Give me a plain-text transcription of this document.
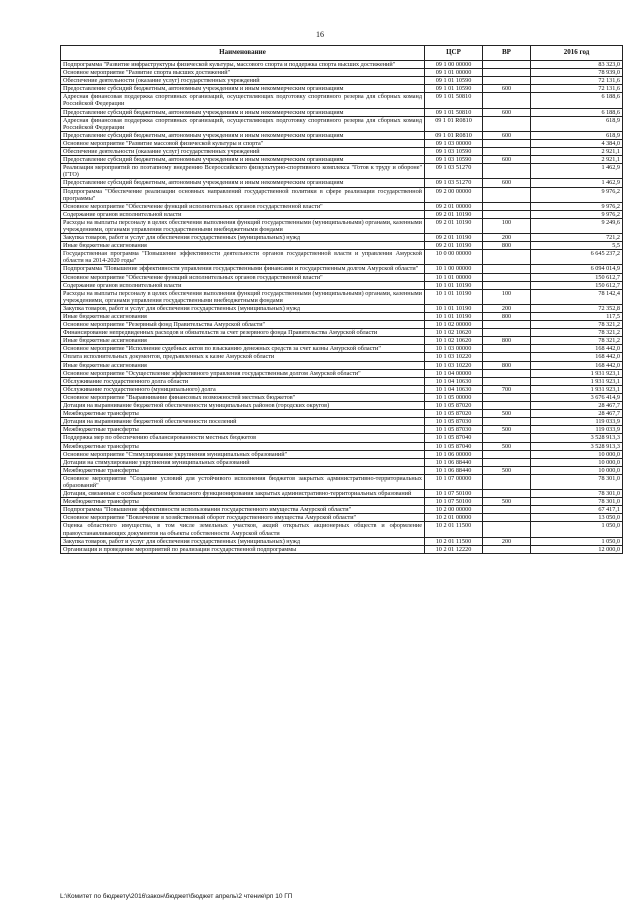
16
Наименование	ЦСР	ВР	2016 год
Подпрограмма "Развитие инфраструктуры физической культуры, массового спорта и поддержка спорта высших достижений"	09 1 00 00000		83 323,0
Основное мероприятие "Развитие спорта высших достижений"	09 1 01 00000		78 939,0
Обеспечение деятельности (оказание услуг) государственных учреждений	09 1 01 10590		72 131,6
Предоставление субсидий бюджетным, автономным учреждениям и иным некоммерческим организациям	09 1 01 10590	600	72 131,6
Адресная финансовая поддержка спортивных организаций, осуществляющих подготовку спортивного резерва для сборных команд Российской Федерации	09 1 01 50810		6 188,6
Предоставление субсидий бюджетным, автономным учреждениям и иным некоммерческим организациям	09 1 01 50810	600	6 188,6
Адресная финансовая поддержка спортивных организаций, осуществляющих подготовку спортивного резерва для сборных команд Российской Федерации	09 1 01 R0810		618,9
Предоставление субсидий бюджетным, автономным учреждениям и иным некоммерческим организациям	09 1 01 R0810	600	618,9
Основное мероприятие "Развитие массовой физической культуры и спорта"	09 1 03 00000		4 384,0
Обеспечение деятельности (оказание услуг) государственных учреждений	09 1 03 10590		2 921,1
Предоставление субсидий бюджетным, автономным учреждениям и иным некоммерческим организациям	09 1 03 10590	600	2 921,1
Реализация мероприятий по поэтапному внедрению Всероссийского физкультурно-спортивного комплекса "Готов к труду и обороне" (ГТО)	09 1 03 51270		1 462,9
Предоставление субсидий бюджетным, автономным учреждениям и иным некоммерческим организациям	09 1 03 51270	600	1 462,9
Подпрограмма "Обеспечение реализации основных направлений государственной политики в сфере реализации государственной программы"	09 2 00 00000		9 976,2
Основное мероприятие "Обеспечение функций исполнительных органов государственной власти"	09 2 01 00000		9 976,2
Содержание органов исполнительной власти	09 2 01 10190		9 976,2
Расходы на выплаты персоналу в целях обеспечения выполнения функций государственными (муниципальными) органами, казенными учреждениями, органами управления государственными внебюджетными фондами	09 2 01 10190	100	9 249,6
Закупка товаров, работ и услуг для обеспечения государственных (муниципальных) нужд	09 2 01 10190	200	721,2
Иные бюджетные ассигнования	09 2 01 10190	800	5,5
Государственная программа "Повышение эффективности деятельности органов государственной власти и управления Амурской области на 2014-2020 годы"	10 0 00 00000		6 645 237,2
Подпрограмма "Повышение эффективности управления государственными финансами и государственным долгом Амурской области"	10 1 00 00000		6 094 014,9
Основное мероприятие "Обеспечение функций исполнительных органов государственной власти"	10 1 01 00000		150 612,7
Содержание органов исполнительной власти	10 1 01 10190		150 612,7
Расходы на выплаты персоналу в целях обеспечения выполнения функций государственными (муниципальными) органами, казенными учреждениями, органами управления государственными внебюджетными фондами	10 1 01 10190	100	78 142,4
Закупка товаров, работ и услуг для обеспечения государственных (муниципальных) нужд	10 1 01 10190	200	72 352,8
Иные бюджетные ассигнования	10 1 01 10190	800	117,5
Основное мероприятие "Резервный фонд Правительства Амурской области"	10 1 02 00000		78 321,2
Финансирование непредвиденных расходов и обязательств за счет резервного фонда Правительства Амурской области	10 1 02 10620		78 321,2
Иные бюджетные ассигнования	10 1 02 10620	800	78 321,2
Основное мероприятие "Исполнение судебных актов по взысканию денежных средств за счет казны Амурской области"	10 1 03 00000		168 442,0
Оплата исполнительных документов, предъявленных к казне Амурской области	10 1 03 10220		168 442,0
Иные бюджетные ассигнования	10 1 03 10220	800	168 442,0
Основное мероприятие "Осуществление эффективного управления государственным долгом Амурской области"	10 1 04 00000		1 931 923,1
Обслуживание государственного долга области	10 1 04 10630		1 931 923,1
Обслуживание государственного (муниципального) долга	10 1 04 10630	700	1 931 923,1
Основное мероприятие "Выравнивание финансовых возможностей местных бюджетов"	10 1 05 00000		3 676 414,9
Дотация на выравнивание бюджетной обеспеченности муниципальных районов (городских округов)	10 1 05 87020		28 467,7
Межбюджетные трансферты	10 1 05 87020	500	28 467,7
Дотация на выравнивание бюджетной обеспеченности поселений	10 1 05 87030		119 033,9
Межбюджетные трансферты	10 1 05 87030	500	119 033,9
Поддержка мер по обеспечению сбалансированности местных бюджетов	10 1 05 87040		3 528 913,3
Межбюджетные трансферты	10 1 05 87040	500	3 528 913,3
Основное мероприятие "Стимулирование укрупнения муниципальных образований"	10 1 06 00000		10 000,0
Дотации на стимулирование укрупнения муниципальных образований	10 1 06 88440		10 000,0
Межбюджетные трансферты	10 1 06 88440	500	10 000,0
Основное мероприятие "Создание условий для устойчивого исполнения бюджетов закрытых административно-территориальных образований"	10 1 07 00000		78 301,0
Дотация, связанные с особым режимом безопасного функционирования закрытых административно-территориальных образований	10 1 07 50100		78 301,0
Межбюджетные трансферты	10 1 07 50100	500	78 301,0
Подпрограмма "Повышение эффективности использования государственного имущества Амурской области"	10 2 00 00000		67 417,1
Основное мероприятие "Вовлечение в хозяйственный оборот государственного имущества Амурской области"	10 2 01 00000		13 050,0
Оценка областного имущества, в том числе земельных участков, акций открытых акционерных обществ и оформление правоустанавливающих документов на объекты собственности Амурской области	10 2 01 11500		1 050,0
Закупка товаров, работ и услуг для обеспечения государственных (муниципальных) нужд	10 2 01 11500	200	1 050,0
Организация и проведение мероприятий по реализации государственной подпрограммы	10 2 01 12220		12 000,0
L:\Комитет по бюджету\2016\закон\бюджет\бюджет апрель\2 чтение\рп 10 ГП
